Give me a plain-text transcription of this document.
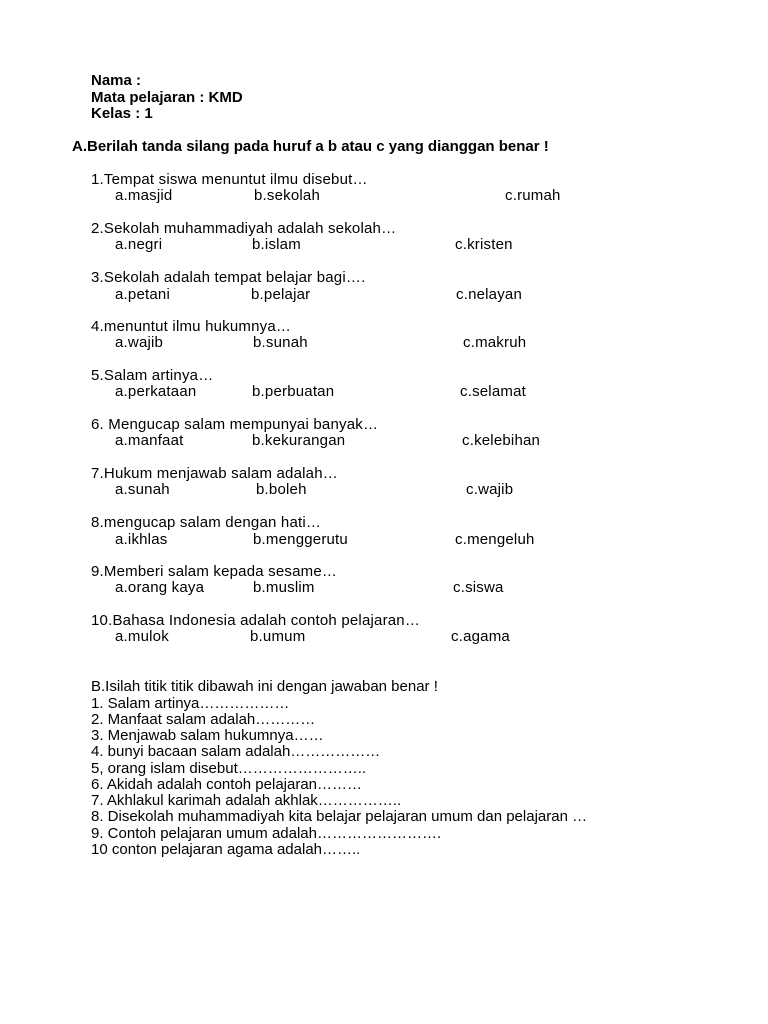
Nama :
Mata pelajaran : KMD
Kelas : 1
A.Berilah tanda silang pada huruf a b atau c yang dianggan benar !
1.Tempat siswa menuntut ilmu disebut…
a.masjid	b.sekolah	c.rumah
2.Sekolah muhammadiyah adalah sekolah…
a.negri	b.islam	c.kristen
3.Sekolah adalah tempat belajar bagi….
a.petani	b.pelajar	c.nelayan
4.menuntut ilmu hukumnya…
a.wajib	b.sunah	c.makruh
5.Salam artinya…
a.perkataan	b.perbuatan	c.selamat
6. Mengucap salam mempunyai banyak…
a.manfaat	b.kekurangan	c.kelebihan
7.Hukum menjawab salam adalah…
a.sunah	b.boleh	c.wajib
8.mengucap salam dengan hati…
a.ikhlas	b.menggerutu	c.mengeluh
9.Memberi salam kepada sesame…
a.orang kaya	b.muslim	c.siswa
10.Bahasa Indonesia adalah contoh pelajaran…
a.mulok	b.umum	c.agama
B.Isilah titik titik dibawah ini dengan jawaban benar !
1. Salam artinya………………
2. Manfaat salam adalah…………
3. Menjawab salam hukumnya……
4. bunyi bacaan salam adalah………………
5, orang islam disebut……………………..
6. Akidah adalah contoh pelajaran………
7. Akhlakul karimah adalah akhlak……………..
8. Disekolah muhammadiyah kita belajar pelajaran umum dan pelajaran …
9. Contoh pelajaran umum adalah…………………….
10 conton pelajaran agama adalah……..
